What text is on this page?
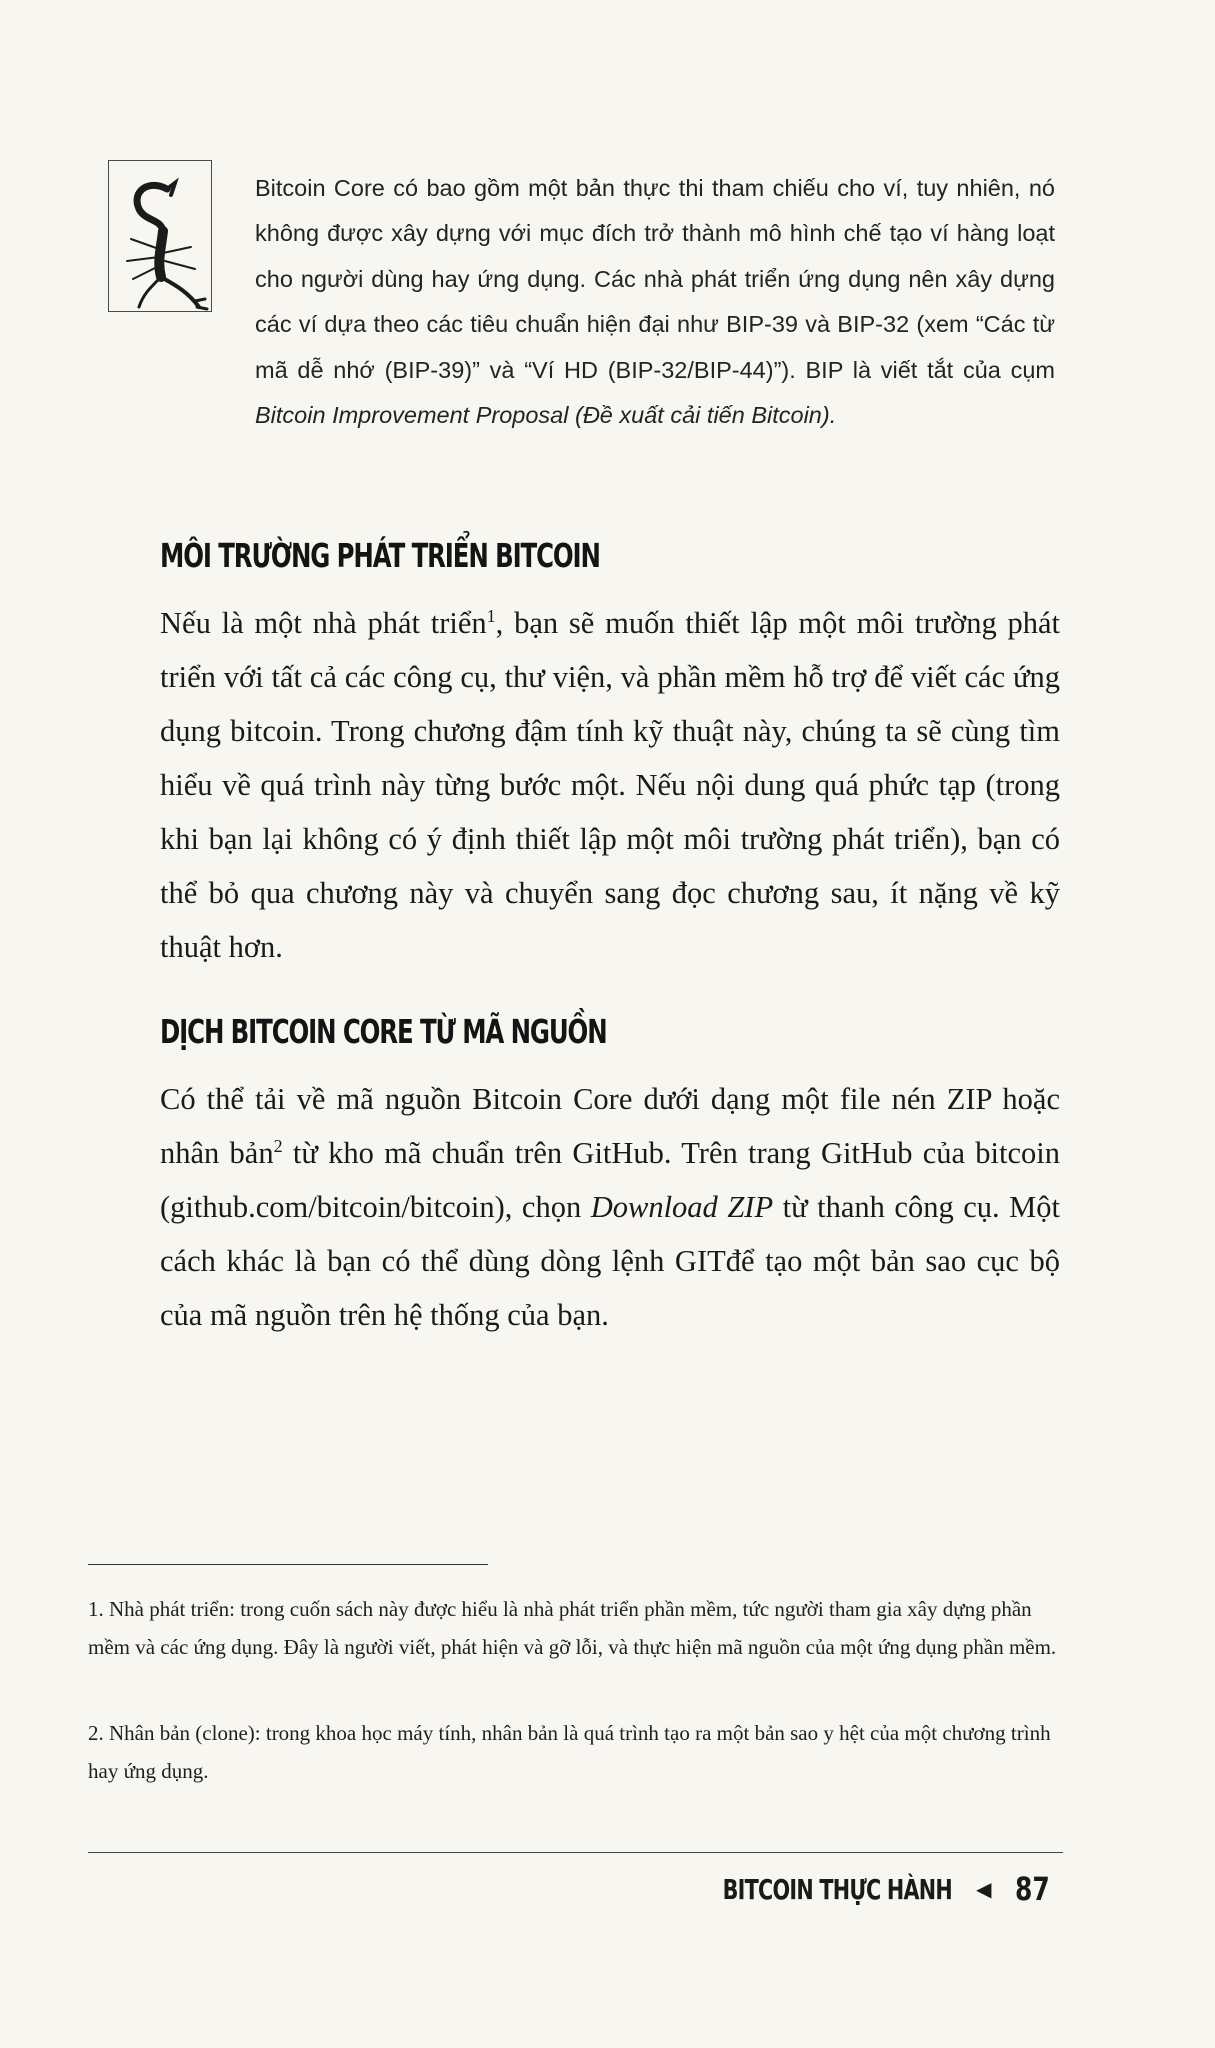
Bitcoin Core có bao gồm một bản thực thi tham chiếu cho ví, tuy nhiên, nó không được xây dựng với mục đích trở thành mô hình chế tạo ví hàng loạt cho người dùng hay ứng dụng. Các nhà phát triển ứng dụng nên xây dựng các ví dựa theo các tiêu chuẩn hiện đại như BIP-39 và BIP-32 (xem “Các từ mã dễ nhớ (BIP-39)” và “Ví HD (BIP-32/BIP-44)”). BIP là viết tắt của cụm Bitcoin Improvement Proposal (Đề xuất cải tiến Bitcoin).

MÔI TRƯỜNG PHÁT TRIỂN BITCOIN

Nếu là một nhà phát triển$^1$, bạn sẽ muốn thiết lập một môi trường phát triển với tất cả các công cụ, thư viện, và phần mềm hỗ trợ để viết các ứng dụng bitcoin. Trong chương đậm tính kỹ thuật này, chúng ta sẽ cùng tìm hiểu về quá trình này từng bước một. Nếu nội dung quá phức tạp (trong khi bạn lại không có ý định thiết lập một môi trường phát triển), bạn có thể bỏ qua chương này và chuyển sang đọc chương sau, ít nặng về kỹ thuật hơn.

DỊCH BITCOIN CORE TỪ MÃ NGUỒN

Có thể tải về mã nguồn Bitcoin Core dưới dạng một file nén ZIP hoặc nhân bản$^2$ từ kho mã chuẩn trên GitHub. Trên trang GitHub của bitcoin (github.com/bitcoin/bitcoin), chọn Download ZIP từ thanh công cụ. Một cách khác là bạn có thể dùng dòng lệnh GITđể tạo một bản sao cục bộ của mã nguồn trên hệ thống của bạn.

1. Nhà phát triển: trong cuốn sách này được hiểu là nhà phát triển phần mềm, tức người tham gia xây dựng phần mềm và các ứng dụng. Đây là người viết, phát hiện và gỡ lỗi, và thực hiện mã nguồn của một ứng dụng phần mềm.

2. Nhân bản (clone): trong khoa học máy tính, nhân bản là quá trình tạo ra một bản sao y hệt của một chương trình hay ứng dụng.

BITCOIN THỰC HÀNH ◀ 87
